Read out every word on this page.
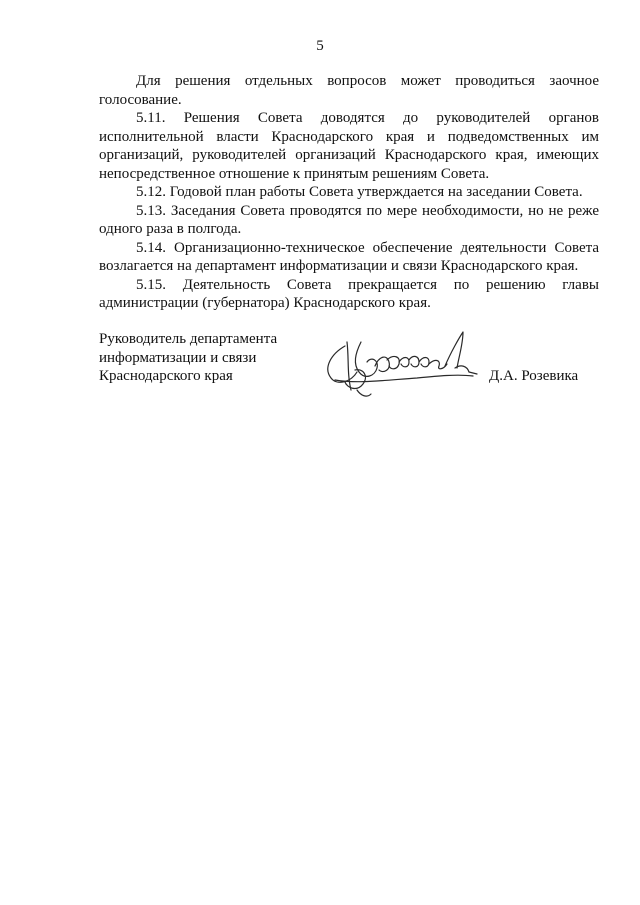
5

Для решения отдельных вопросов может проводиться заочное голосование.

5.11. Решения Совета доводятся до руководителей органов исполнительной власти Краснодарского края и подведомственных им организаций, руководителей организаций Краснодарского края, имеющих непосредственное отношение к принятым решениям Совета.

5.12. Годовой план работы Совета утверждается на заседании Совета.

5.13. Заседания Совета проводятся по мере необходимости, но не реже одного раза в полгода.

5.14. Организационно-техническое обеспечение деятельности Совета возлагается на департамент информатизации и связи Краснодарского края.

5.15. Деятельность Совета прекращается по решению главы администрации (губернатора) Краснодарского края.

Руководитель департамента
информатизации и связи
Краснодарского края	Д.А. Розевика
